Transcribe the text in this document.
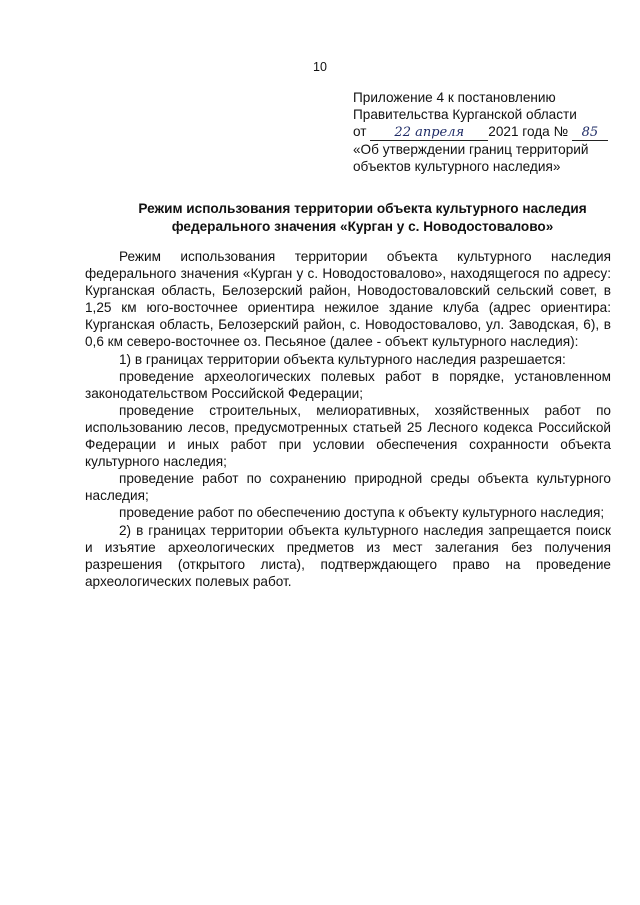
10
Приложение 4 к постановлению
Правительства Курганской области
от 22 апреля 2021 года № 85
«Об утверждении границ территорий
объектов культурного наследия»
Режим использования территории объекта культурного наследия
федерального значения «Курган у с. Новодостовалово»

Режим использования территории объекта культурного наследия федерального значения «Курган у с. Новодостовалово», находящегося по адресу: Курганская область, Белозерский район, Новодостоваловский сельский совет, в 1,25 км юго-восточнее ориентира нежилое здание клуба (адрес ориентира: Курганская область, Белозерский район, с. Новодостовалово, ул. Заводская, 6), в 0,6 км северо-восточнее оз. Песьяное (далее - объект культурного наследия):

1) в границах территории объекта культурного наследия разрешается:

проведение археологических полевых работ в порядке, установленном законодательством Российской Федерации;

проведение строительных, мелиоративных, хозяйственных работ по использованию лесов, предусмотренных статьей 25 Лесного кодекса Российской Федерации и иных работ при условии обеспечения сохранности объекта культурного наследия;

проведение работ по сохранению природной среды объекта культурного наследия;

проведение работ по обеспечению доступа к объекту культурного наследия;

2) в границах территории объекта культурного наследия запрещается поиск и изъятие археологических предметов из мест залегания без получения разрешения (открытого листа), подтверждающего право на проведение археологических полевых работ.
